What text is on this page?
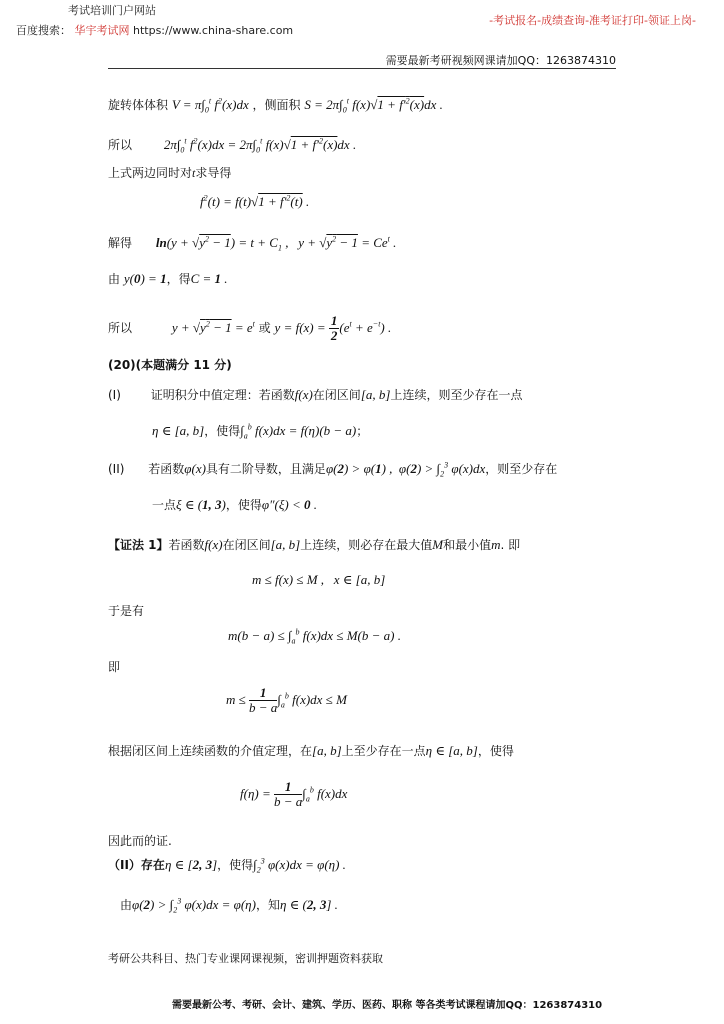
考试培训门户网站
百度搜索： 华宇考试网 https://www.china-share.com
-考试报名-成绩查询-准考证打印-领证上岗-
需要最新考研视频网课请加QQ：1263874310
旋转体体积 $V = \pi\int_0^t$ $f^2(x)dx$ ，侧面积 $S = 2\pi\int_0^t$ $f(x)√1 + f'^2(x)dx$ .
所以 $2\pi\int_0^t$ $f^2(x)dx = 2\pi\int_0^t$ $f(x)√1 + f'^2(x)dx$ .
上式两边同时对t求导得
$f^2(t) = f(t)√1 + f'^2(t)$ .
解得 $\ln(y + √y^2 - 1) = t + C_1$ ,   $y + √y^2 - 1 = Ce^t$ .
由 y(0) = 1，得C = 1 .
所以	$y + √y^2 - 1 = e^t$ 或 $y = f(x) = \frac{1}{2} (e^t + e^{-t})$ .
(20)(本题满分 11 分)
(I) 证明积分中值定理：若函数f(x)在闭区间[a, b]上连续，则至少存在一点
η ∈ [a, b]，使得$\int_a^b$ f(x)dx = f(η)(b − a)；
(II) 若函数φ(x)具有二阶导数，且满足φ(2) > φ(1) ,  $\varphi(2) > \int_2^3$ φ(x)dx，则至少存在
一点ξ ∈ (1, 3)，使得φ″(ξ) < 0 .
【证法 1】若函数f(x)在闭区间[a, b]上连续，则必存在最大值M和最小值m. 即
m ≤ f(x) ≤ M ,   x ∈ [a, b]
于是有
$m(b - a) \le \int_a^b$ f(x)dx ≤ M(b − a) .
即
$m \le \frac{1}{b - a} \int_a^b$ f(x)dx ≤ M
根据闭区间上连续函数的介值定理，在[a, b]上至少存在一点η ∈ [a, b]，使得
$f(\eta) = \frac{1}{b - a} \int_a^b$ f(x)dx
因此而的证.
（II）存在η ∈ [2, 3]，使得$\int_2^3$ φ(x)dx = φ(η) .
由$\varphi(2) > \int_2^3$ φ(x)dx = φ(η)，知η ∈ (2, 3] .
考研公共科目、热门专业课网课视频，密训押题资料获取
需要最新公考、考研、会计、建筑、学历、医药、职称 等各类考试课程请加QQ：1263874310
